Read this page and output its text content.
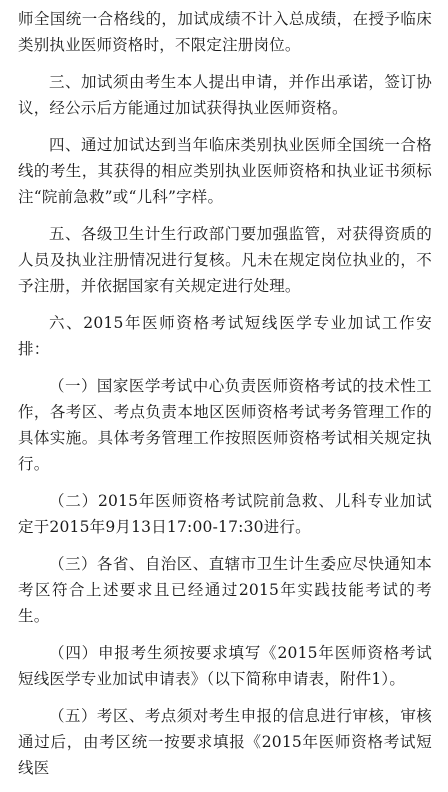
师全国统一合格线的，加试成绩不计入总成绩，在授予临床类别执业医师资格时，不限定注册岗位。

三、加试须由考生本人提出申请，并作出承诺，签订协议，经公示后方能通过加试获得执业医师资格。

四、通过加试达到当年临床类别执业医师全国统一合格线的考生，其获得的相应类别执业医师资格和执业证书须标注“院前急救”或“儿科”字样。

五、各级卫生计生行政部门要加强监管，对获得资质的人员及执业注册情况进行复核。凡未在规定岗位执业的，不予注册，并依据国家有关规定进行处理。

六、2015年医师资格考试短线医学专业加试工作安排：

（一）国家医学考试中心负责医师资格考试的技术性工作，各考区、考点负责本地区医师资格考试考务管理工作的具体实施。具体考务管理工作按照医师资格考试相关规定执行。

（二）2015年医师资格考试院前急救、儿科专业加试定于2015年9月13日17:00-17:30进行。

（三）各省、自治区、直辖市卫生计生委应尽快通知本考区符合上述要求且已经通过2015年实践技能考试的考生。

（四）申报考生须按要求填写《2015年医师资格考试短线医学专业加试申请表》（以下简称申请表，附件1）。

（五）考区、考点须对考生申报的信息进行审核，审核通过后，由考区统一按要求填报《2015年医师资格考试短线医
